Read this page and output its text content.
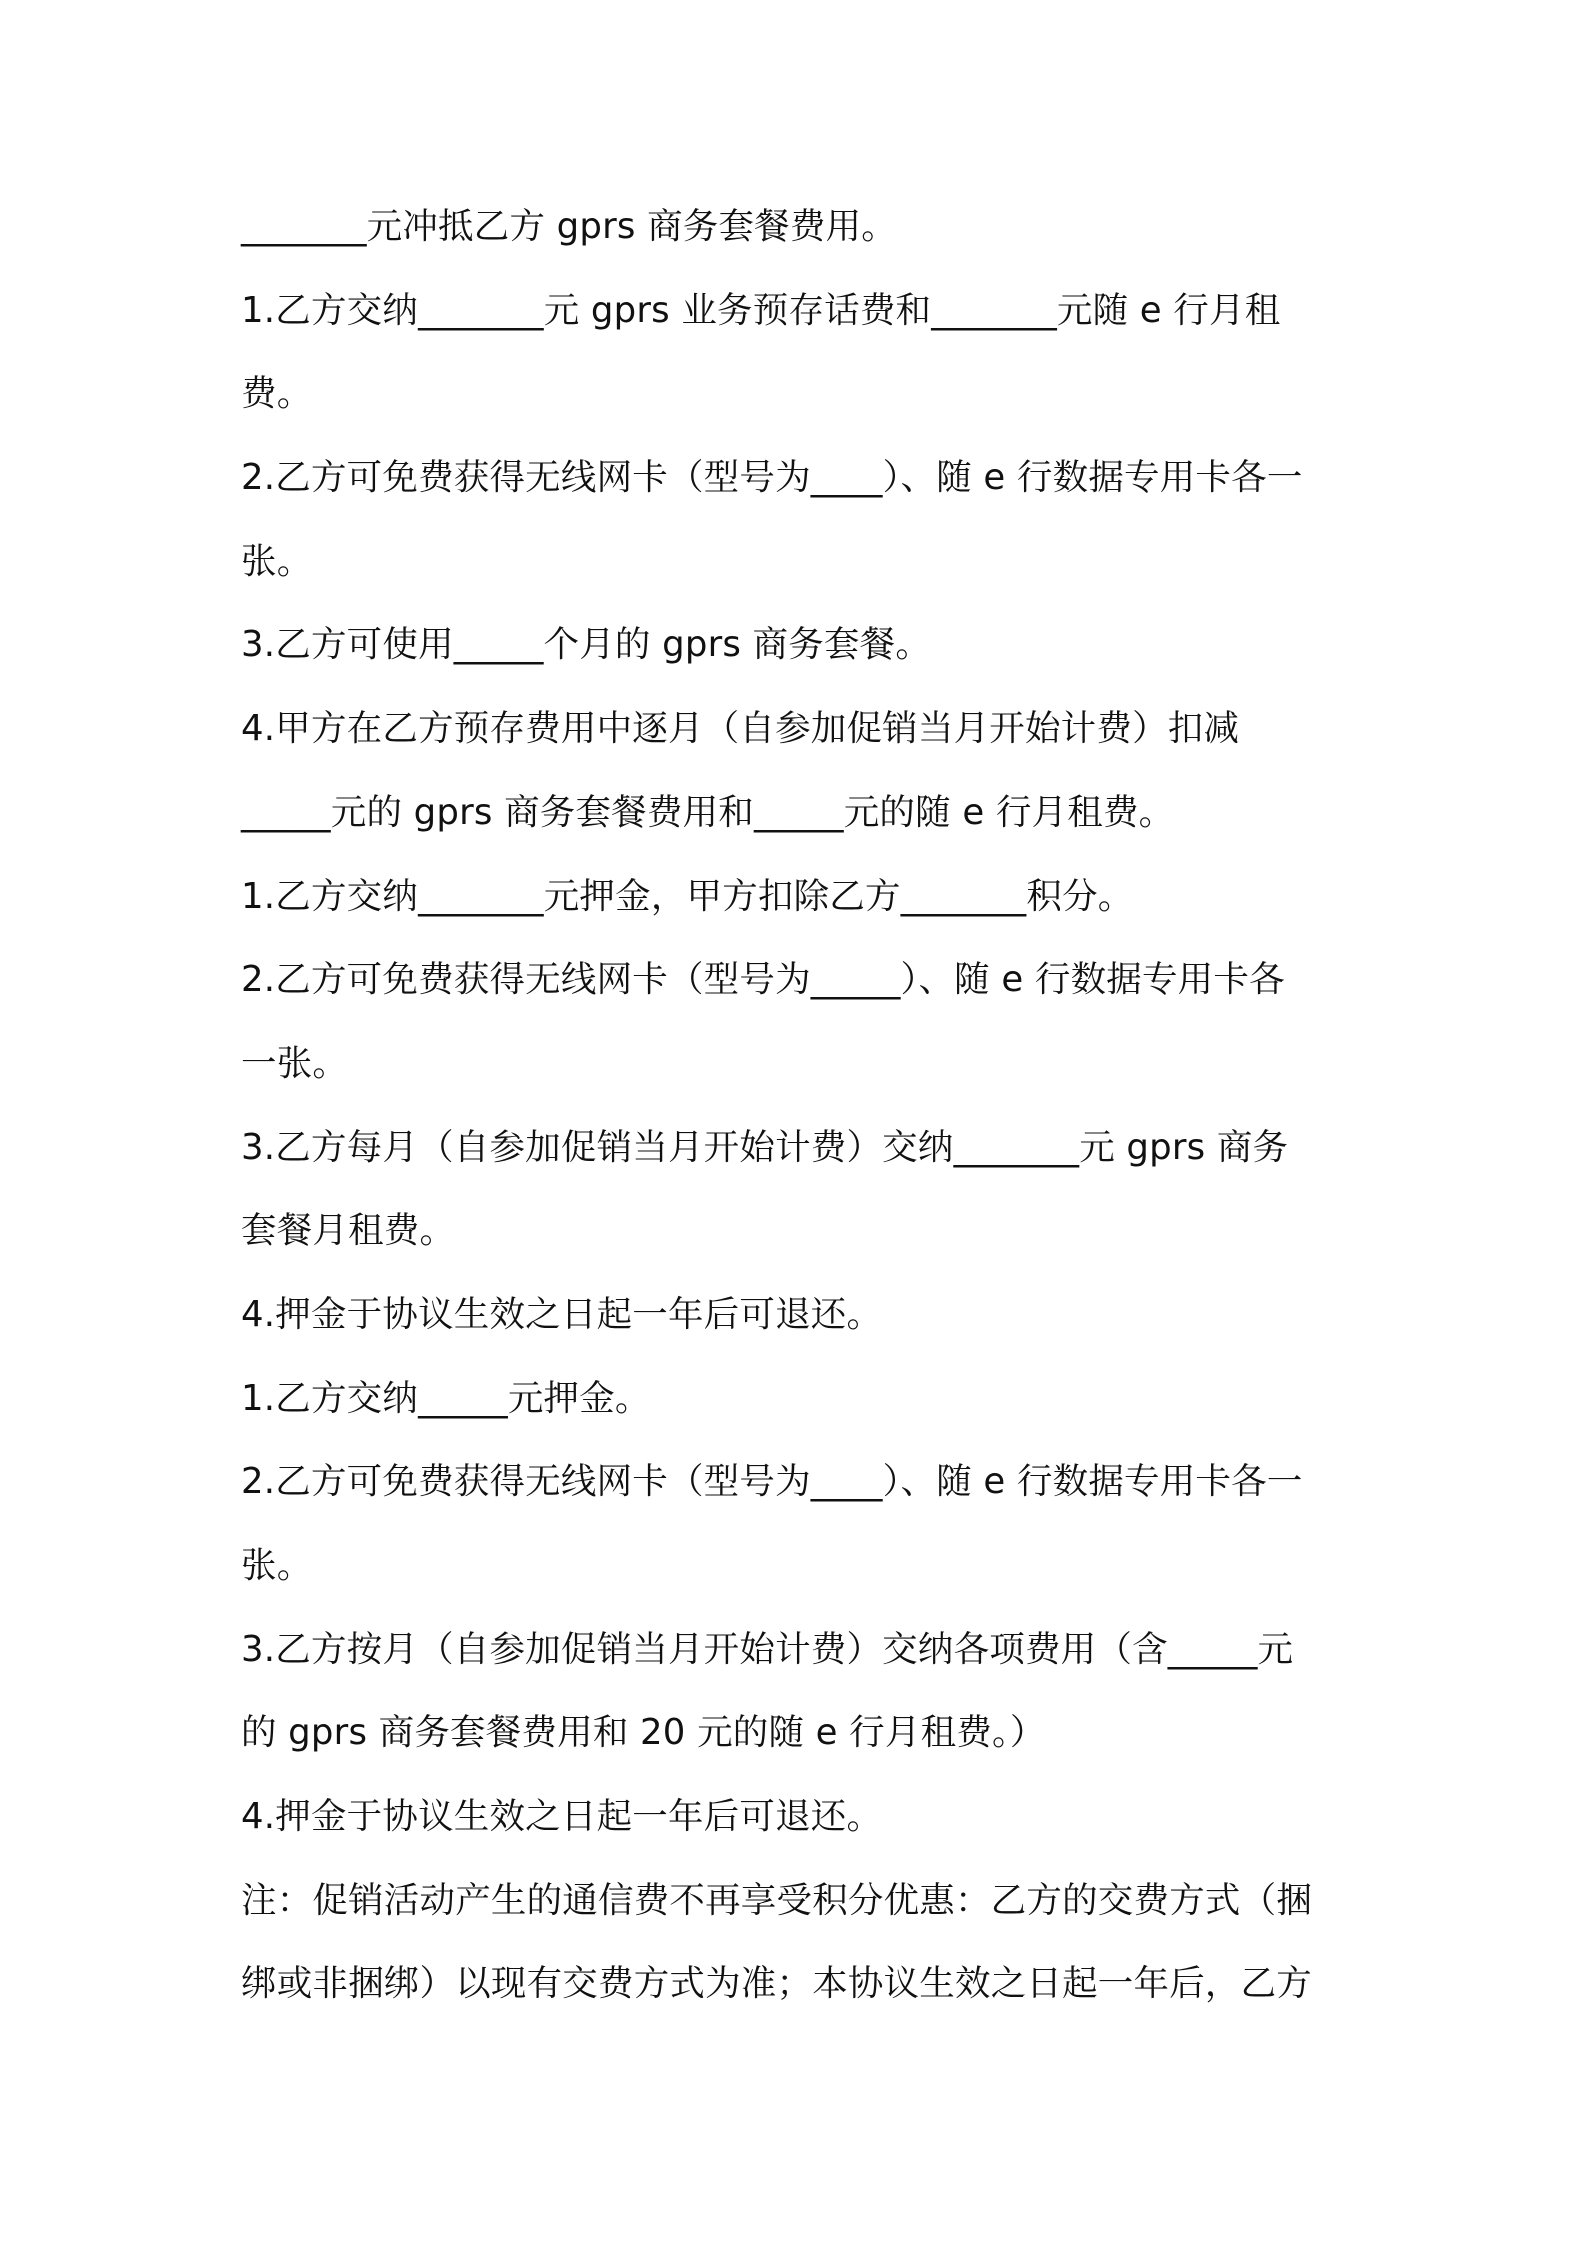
_______元冲抵乙方 gprs 商务套餐费用。
1.乙方交纳_______元 gprs 业务预存话费和_______元随 e 行月租
费。
2.乙方可免费获得无线网卡（型号为____）、随 e 行数据专用卡各一
张。
3.乙方可使用_____个月的 gprs 商务套餐。
4.甲方在乙方预存费用中逐月（自参加促销当月开始计费）扣减
_____元的 gprs 商务套餐费用和_____元的随 e 行月租费。
1.乙方交纳_______元押金，甲方扣除乙方_______积分。
2.乙方可免费获得无线网卡（型号为_____）、随 e 行数据专用卡各
一张。
3.乙方每月（自参加促销当月开始计费）交纳_______元 gprs 商务
套餐月租费。
4.押金于协议生效之日起一年后可退还。
1.乙方交纳_____元押金。
2.乙方可免费获得无线网卡（型号为____）、随 e 行数据专用卡各一
张。
3.乙方按月（自参加促销当月开始计费）交纳各项费用（含_____元
的 gprs 商务套餐费用和 20 元的随 e 行月租费。）
4.押金于协议生效之日起一年后可退还。
注：促销活动产生的通信费不再享受积分优惠：乙方的交费方式（捆
绑或非捆绑）以现有交费方式为准；本协议生效之日起一年后，乙方
